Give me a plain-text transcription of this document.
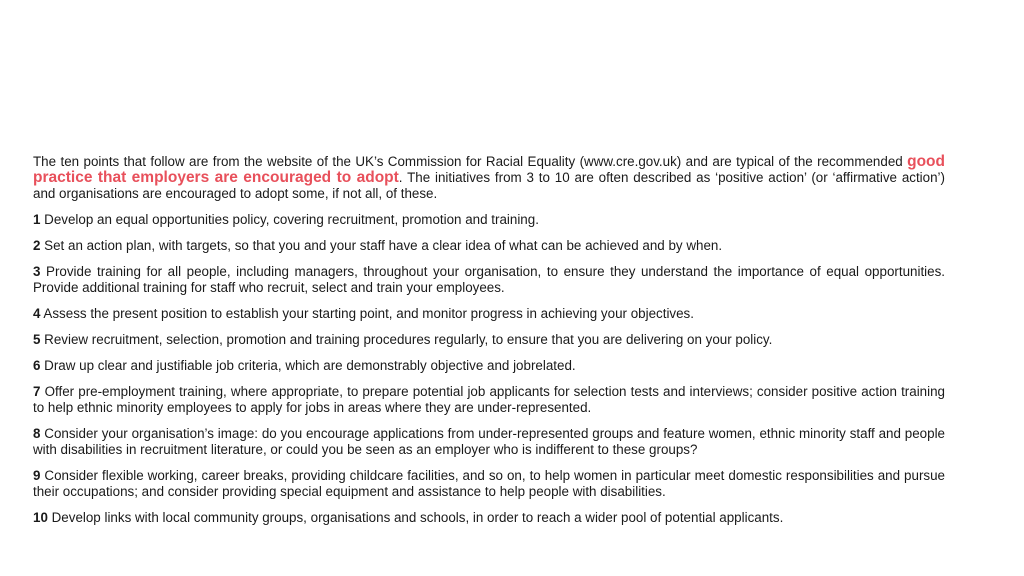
The ten points that follow are from the website of the UK’s Commission for Racial Equality (www.cre.gov.uk) and are typical of the recommended good practice that employers are encouraged to adopt. The initiatives from 3 to 10 are often described as ‘positive action’ (or ‘affirmative action’) and organisations are encouraged to adopt some, if not all, of these.

1 Develop an equal opportunities policy, covering recruitment, promotion and training.

2 Set an action plan, with targets, so that you and your staff have a clear idea of what can be achieved and by when.

3 Provide training for all people, including managers, throughout your organisation, to ensure they understand the importance of equal opportunities. Provide additional training for staff who recruit, select and train your employees.

4 Assess the present position to establish your starting point, and monitor progress in achieving your objectives.

5 Review recruitment, selection, promotion and training procedures regularly, to ensure that you are delivering on your policy.

6 Draw up clear and justifiable job criteria, which are demonstrably objective and jobrelated.

7 Offer pre-employment training, where appropriate, to prepare potential job applicants for selection tests and interviews; consider positive action training to help ethnic minority employees to apply for jobs in areas where they are under-represented.

8 Consider your organisation’s image: do you encourage applications from under-represented groups and feature women, ethnic minority staff and people with disabilities in recruitment literature, or could you be seen as an employer who is indifferent to these groups?

9 Consider flexible working, career breaks, providing childcare facilities, and so on, to help women in particular meet domestic responsibilities and pursue their occupations; and consider providing special equipment and assistance to help people with disabilities.

10 Develop links with local community groups, organisations and schools, in order to reach a wider pool of potential applicants.
